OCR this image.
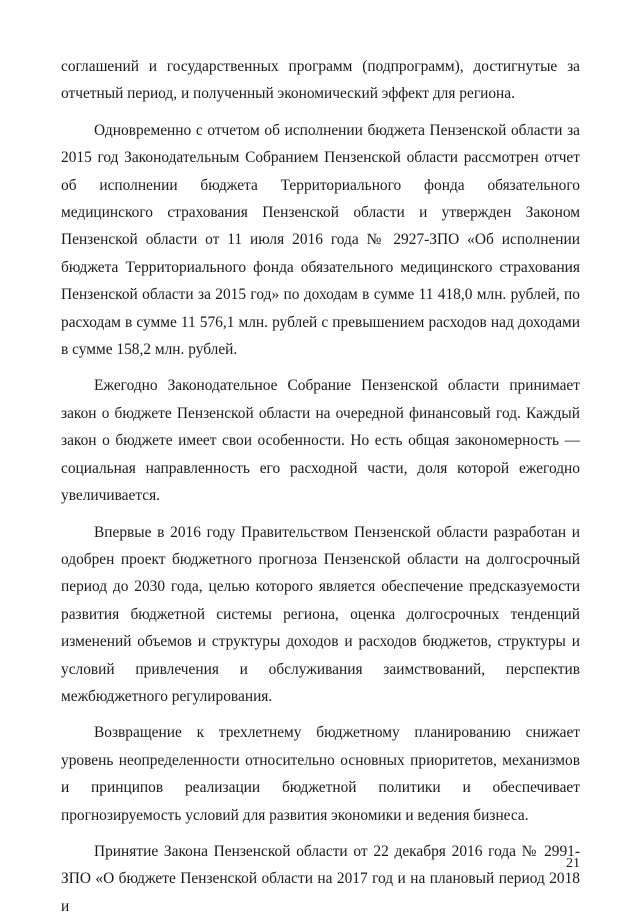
соглашений и государственных программ (подпрограмм), достигнутые за отчетный период, и полученный экономический эффект для региона.

Одновременно с отчетом об исполнении бюджета Пензенской области за 2015 год Законодательным Собранием Пензенской области рассмотрен отчет об исполнении бюджета Территориального фонда обязательного медицинского страхования Пензенской области и утвержден Законом Пензенской области от 11 июля 2016 года № 2927-ЗПО «Об исполнении бюджета Территориального фонда обязательного медицинского страхования Пензенской области за 2015 год» по доходам в сумме 11 418,0 млн. рублей, по расходам в сумме 11 576,1 млн. рублей с превышением расходов над доходами в сумме 158,2 млн. рублей.

Ежегодно Законодательное Собрание Пензенской области принимает закон о бюджете Пензенской области на очередной финансовый год. Каждый закон о бюджете имеет свои особенности. Но есть общая закономерность — социальная направленность его расходной части, доля которой ежегодно увеличивается.

Впервые в 2016 году Правительством Пензенской области разработан и одобрен проект бюджетного прогноза Пензенской области на долгосрочный период до 2030 года, целью которого является обеспечение предсказуемости развития бюджетной системы региона, оценка долгосрочных тенденций изменений объемов и структуры доходов и расходов бюджетов, структуры и условий привлечения и обслуживания заимствований, перспектив межбюджетного регулирования.

Возвращение к трехлетнему бюджетному планированию снижает уровень неопределенности относительно основных приоритетов, механизмов и принципов реализации бюджетной политики и обеспечивает прогнозируемость условий для развития экономики и ведения бизнеса.

Принятие Закона Пензенской области от 22 декабря 2016 года № 2991-ЗПО «О бюджете Пензенской области на 2017 год и на плановый период 2018 и

21
